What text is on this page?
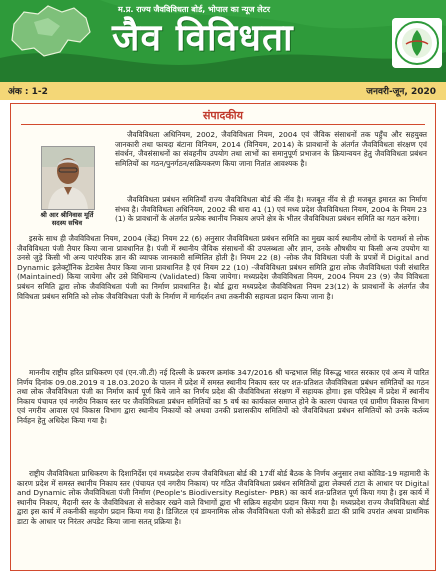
म.प्र. राज्य जैवविविधता बोर्ड, भोपाल का न्यूज लेटर
जैव विविधता
अंक : 1-2	जनवरी-जून, 2020
संपादकीय
श्री आर श्रीनिवास मूर्ति
सदस्य सचिव

जैवविविधता अधिनियम, 2002, जैवविविधता नियम, 2004 एवं जैविक संसाधनों तक पहुँच और सहयुक्त जानकारी तथा फायदा बंटाना विनियम, 2014 (विनियम, 2014) के प्रावधानों के अंतर्गत जैवविविधता संरक्षण एवं संवर्धन, जैवसंसाधनों का संवहनीय उपयोग तथा लाभों का समानुपूर्ण प्रभाजन के क्रियान्वयन हेतु जैवविविधता प्रबंधन समितियों का गठन/पुनर्गठन/सक्रियकरण किया जाना नितांत आवश्यक है।

जैवविविधता प्रबंधन समितियाँ राज्य जैवविविधता बोर्ड की नींव है। मजबूत नींव से ही मजबूत इमारत का निर्माण संभव है। जैवविविधता अधिनियम, 2002 की धारा 41 (1) एवं मध्य प्रदेश जैवविविधता नियम, 2004 के नियम 23 (1) के प्रावधानों के अंतर्गत प्रत्येक स्थानीय निकाय अपने क्षेत्र के भीतर जैवविविधता प्रबंधन समिति का गठन करेगा।

इसके साथ ही जैवविविधता नियम, 2004 (केंद्र) नियम 22 (6) अनुसार जैवविविधता प्रबंधन समिति का मुख्य कार्य स्थानीय लोगों के परामर्श से लोक जैवविविधता पंजी तैयार किया जाना प्रावधानित है। पंजी में स्थानीय जैविक संसाधनों की उपलब्धता और ज्ञान, उनके औषधीय या किसी अन्य उपयोग या उनसे जुड़े किसी भी अन्य पारंपरिक ज्ञान की व्यापक जानकारी सम्मिलित होती है। नियम 22 (8) -लोक जैव विविधता पंजी के प्रपत्रों में Digital and Dynamic इलेक्ट्रॉनिक डेटाबेस तैयार किया जाना प्रावधानित है एवं नियम 22 (10) -जैवविविधता प्रबंधन समिति द्वारा लोक जैवविविधता पंजी संधारित (Maintained) किया जायेगा और उसे विधिमान्य (Validated) किया जायेगा। मध्यप्रदेश जैवविविधता नियम, 2004 नियम 23 (9) जैव विविधता प्रबंधन समिति द्वारा लोक जैवविविधता पंजी का निर्माण प्रावधानित है। बोर्ड द्वारा मध्यप्रदेश जैवविविधता नियम 23(12) के प्रावधानों के अंतर्गत जैव विविधता प्रबंधन समिति को लोक जैवविविधता पंजी के निर्माण में मार्गदर्शन तथा तकनीकी सहायता प्रदान किया जाना है।

माननीय राष्ट्रीय हरित प्राधिकरण एवं (एन.जी.टी) नई दिल्ली के प्रकरण क्रमांक 347/2016 श्री चन्द्रभाल सिंह विरूद्ध भारत सरकार एवं अन्य में पारित निर्णय दिनांक 09.08.2019 व 18.03.2020 के पालन में प्रदेश में समस्त स्थानीय निकाय स्तर पर शत-प्रतिशत जैवविविधता प्रबंधन समितियों का गठन तथा लोक जैवविविधता पंजी का निर्माण कार्य पूर्ण किये जाने का निर्णय प्रदेश की जैवविविधता संरक्षण में सहायक होगा। इस परिप्रेक्ष्य में प्रदेश में स्थानीय निकाय पंचायत एवं नगरीय निकाय स्तर पर जैवविविधता प्रबंधन समितियों का 5 वर्ष का कार्यकाल समाप्त होने के कारण पंचायत एवं ग्रामीण विकास विभाग एवं नगरीय आवास एवं विकास विभाग द्वारा स्थानीय निकायों को अथवा उनकी प्रशासकीय समितियों को जैवविविधता प्रबंधन समितियों को उनके कर्तव्य निर्वहन हेतु अधिदेश किया गया है।

राष्ट्रीय जैवविविधता प्राधिकरण के दिशानिर्देश एवं मध्यप्रदेश राज्य जैवविविधता बोर्ड की 17वीं बोर्ड बैठक के निर्णय अनुसार तथा कोविड-19 महामारी के कारण प्रदेश में समस्त स्थानीय निकाय स्तर (पंचायत एवं नगरीय निकाय) पर गठित जैवविविधता प्रबंधन समितियों द्वारा लेक्चर्स टाटा के आधार पर Digital and Dynamic लोक जैवविविधता पंजी निर्माण (People's Biodiversity Register- PBR) का कार्य शत-प्रतिशत पूर्ण किया गया है। इस कार्य में स्थानीय निकाय, मैदानी स्तर के जैवविविधता से सरोकार रखने वाले विभागों द्वारा भी सक्रिय सहयोग प्रदान किया गया है। मध्यप्रदेश राज्य जैवविविधता बोर्ड द्वारा इस कार्य में तकनीकी सहयोग प्रदान किया गया है। डिजिटल एवं डायनामिक लोक जैवविविधता पंजी को सेकेंडरी डाटा की प्राथि उपरांत अथवा प्राथमिक डाटा के आधार पर निरंतर अपडेट किया जाना सतत् प्रक्रिया है।
